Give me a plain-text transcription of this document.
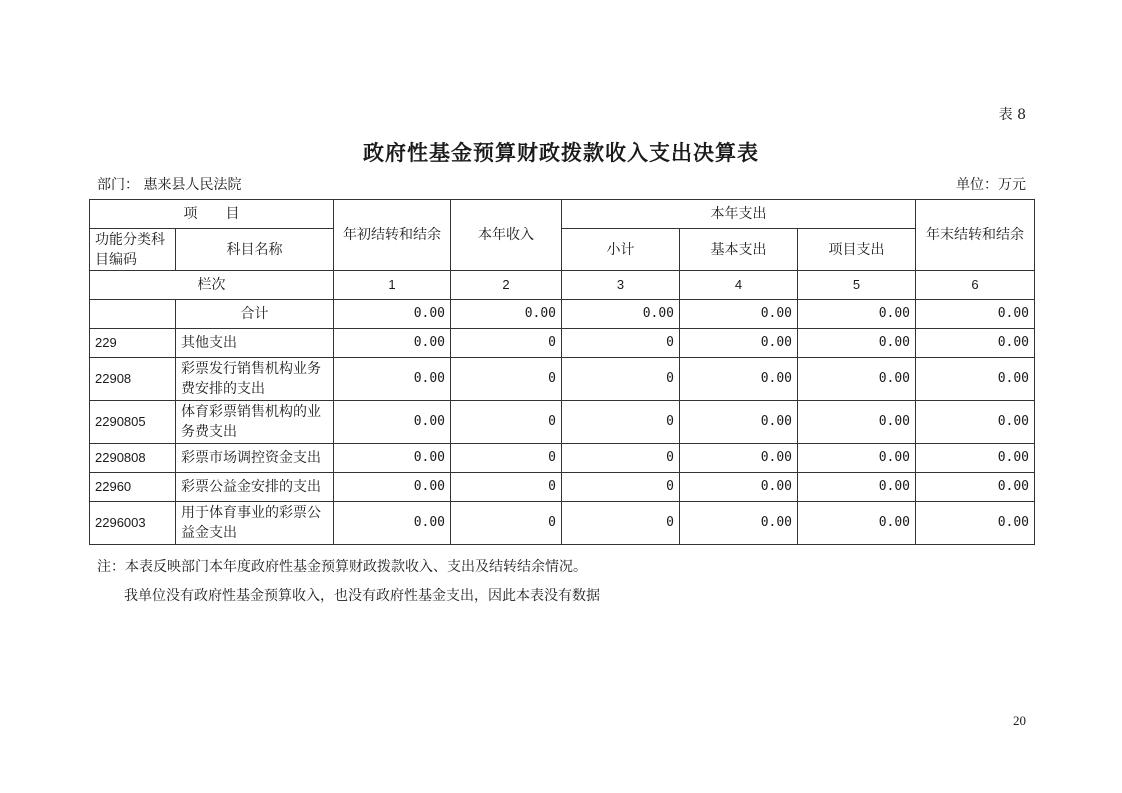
表 8
政府性基金预算财政拨款收入支出决算表
部门： 惠来县人民法院	单位：万元
项　　目		年初结转和结余	本年收入	本年支出			年末结转和结余
功能分类科目编码	科目名称			小计	基本支出	项目支出	
栏次		1	2	3	4	5	6
	合计	0.00	0.00	0.00	0.00	0.00	0.00
229	其他支出	0.00	0	0	0.00	0.00	0.00
22908	彩票发行销售机构业务费安排的支出	0.00	0	0	0.00	0.00	0.00
2290805	体育彩票销售机构的业务费支出	0.00	0	0	0.00	0.00	0.00
2290808	彩票市场调控资金支出	0.00	0	0	0.00	0.00	0.00
22960	彩票公益金安排的支出	0.00	0	0	0.00	0.00	0.00
2296003	用于体育事业的彩票公益金支出	0.00	0	0	0.00	0.00	0.00
注：本表反映部门本年度政府性基金预算财政拨款收入、支出及结转结余情况。
我单位没有政府性基金预算收入，也没有政府性基金支出，因此本表没有数据
20
